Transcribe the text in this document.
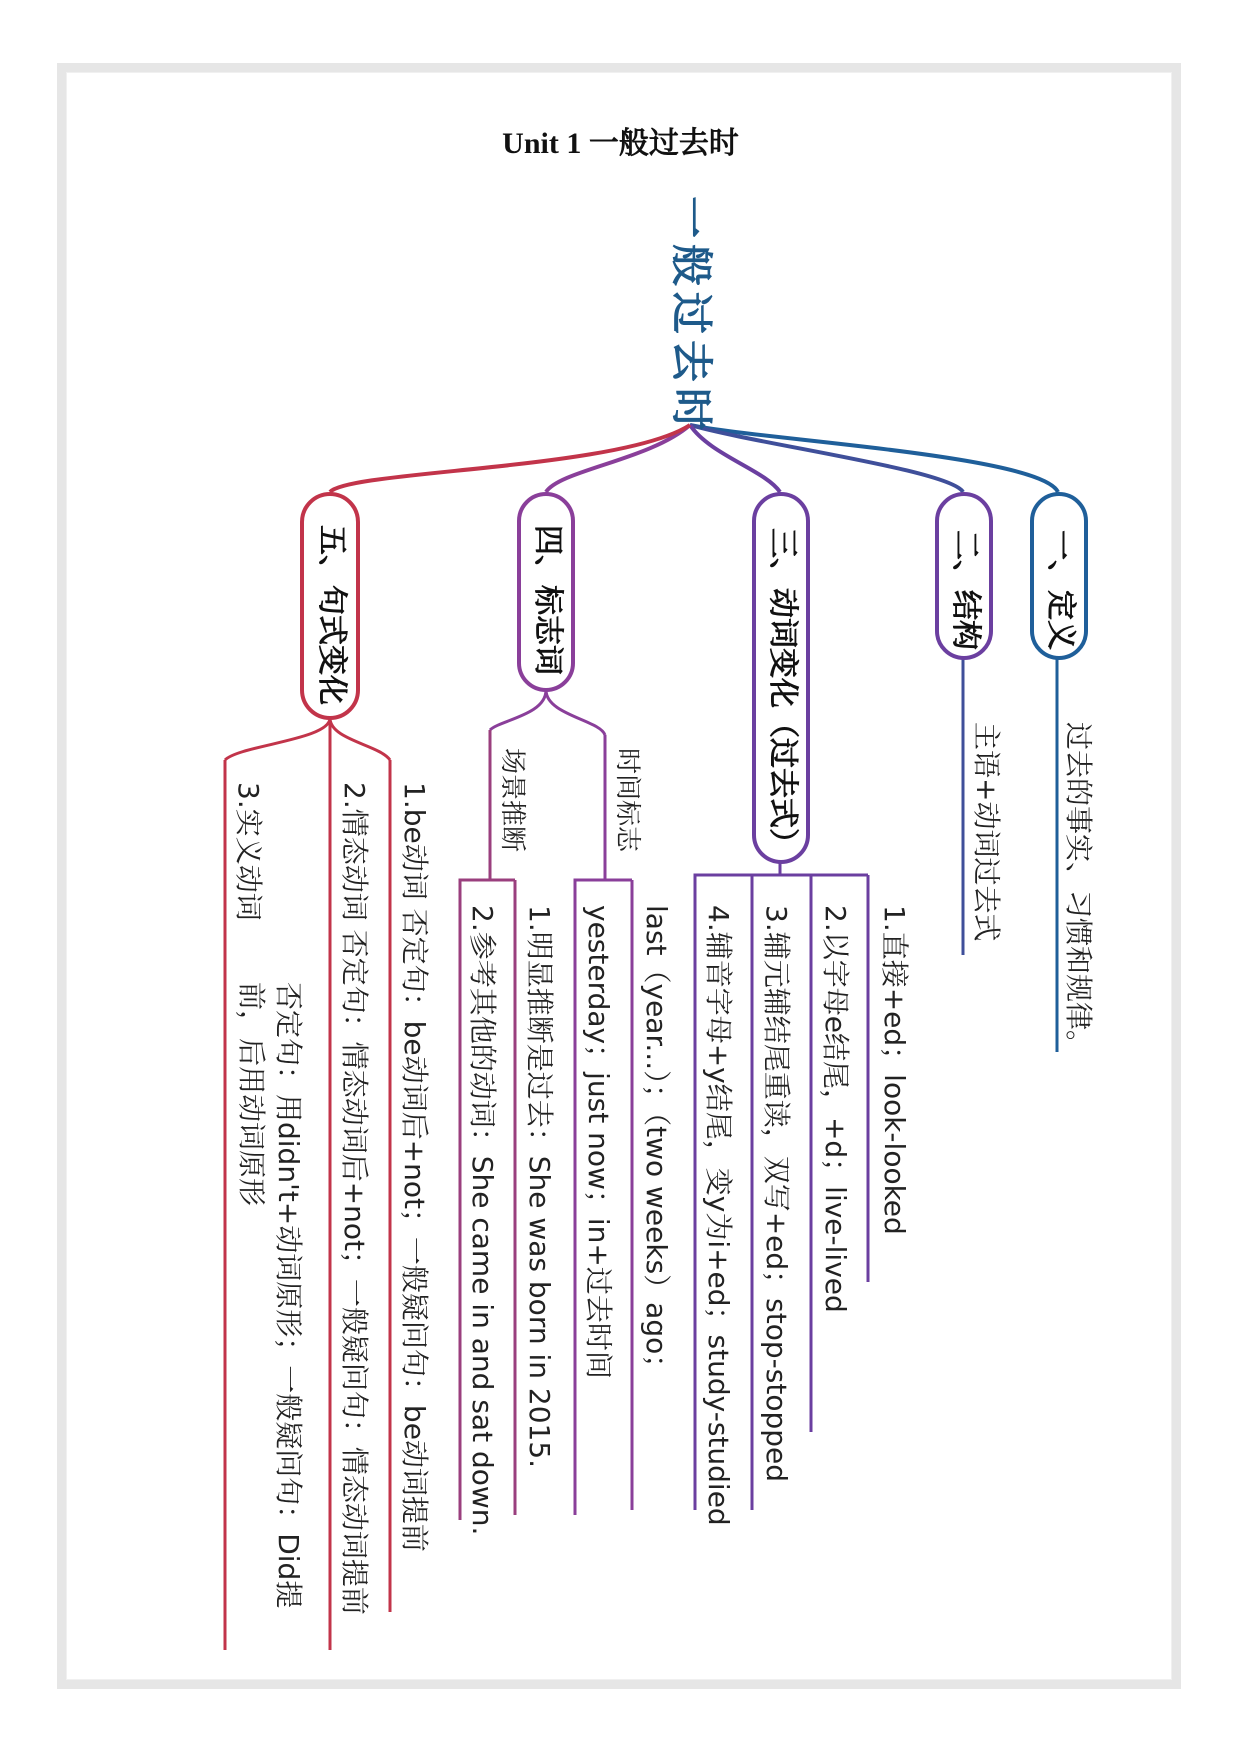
Unit 1 一般过去时
一般过去时
一、定义
二、结构
三、动词变化（过去式）
四、标志词
五、句式变化
过去的事实、习惯和规律。
主语+动词过去式
1.直接+ed；look-looked
2.以字母e结尾，+d；live-lived
3.辅元辅结尾重读，双写+ed；stop-stopped
4.辅音字母+y结尾，变y为i+ed；study-studied
时间标志
场景推断
last（year...）；（two weeks）ago；
yesterday；just now；in+过去时间
1.明显推断是过去：She was born in 2015.
2.参考其他的动词：She came in and sat down.
1.be动词 否定句：be动词后+not；一般疑问句：be动词提前
2.情态动词 否定句：情态动词后+not；一般疑问句：情态动词提前
3.实义动词
否定句：用didn't+动词原形；一般疑问句：Did提
前，后用动词原形
